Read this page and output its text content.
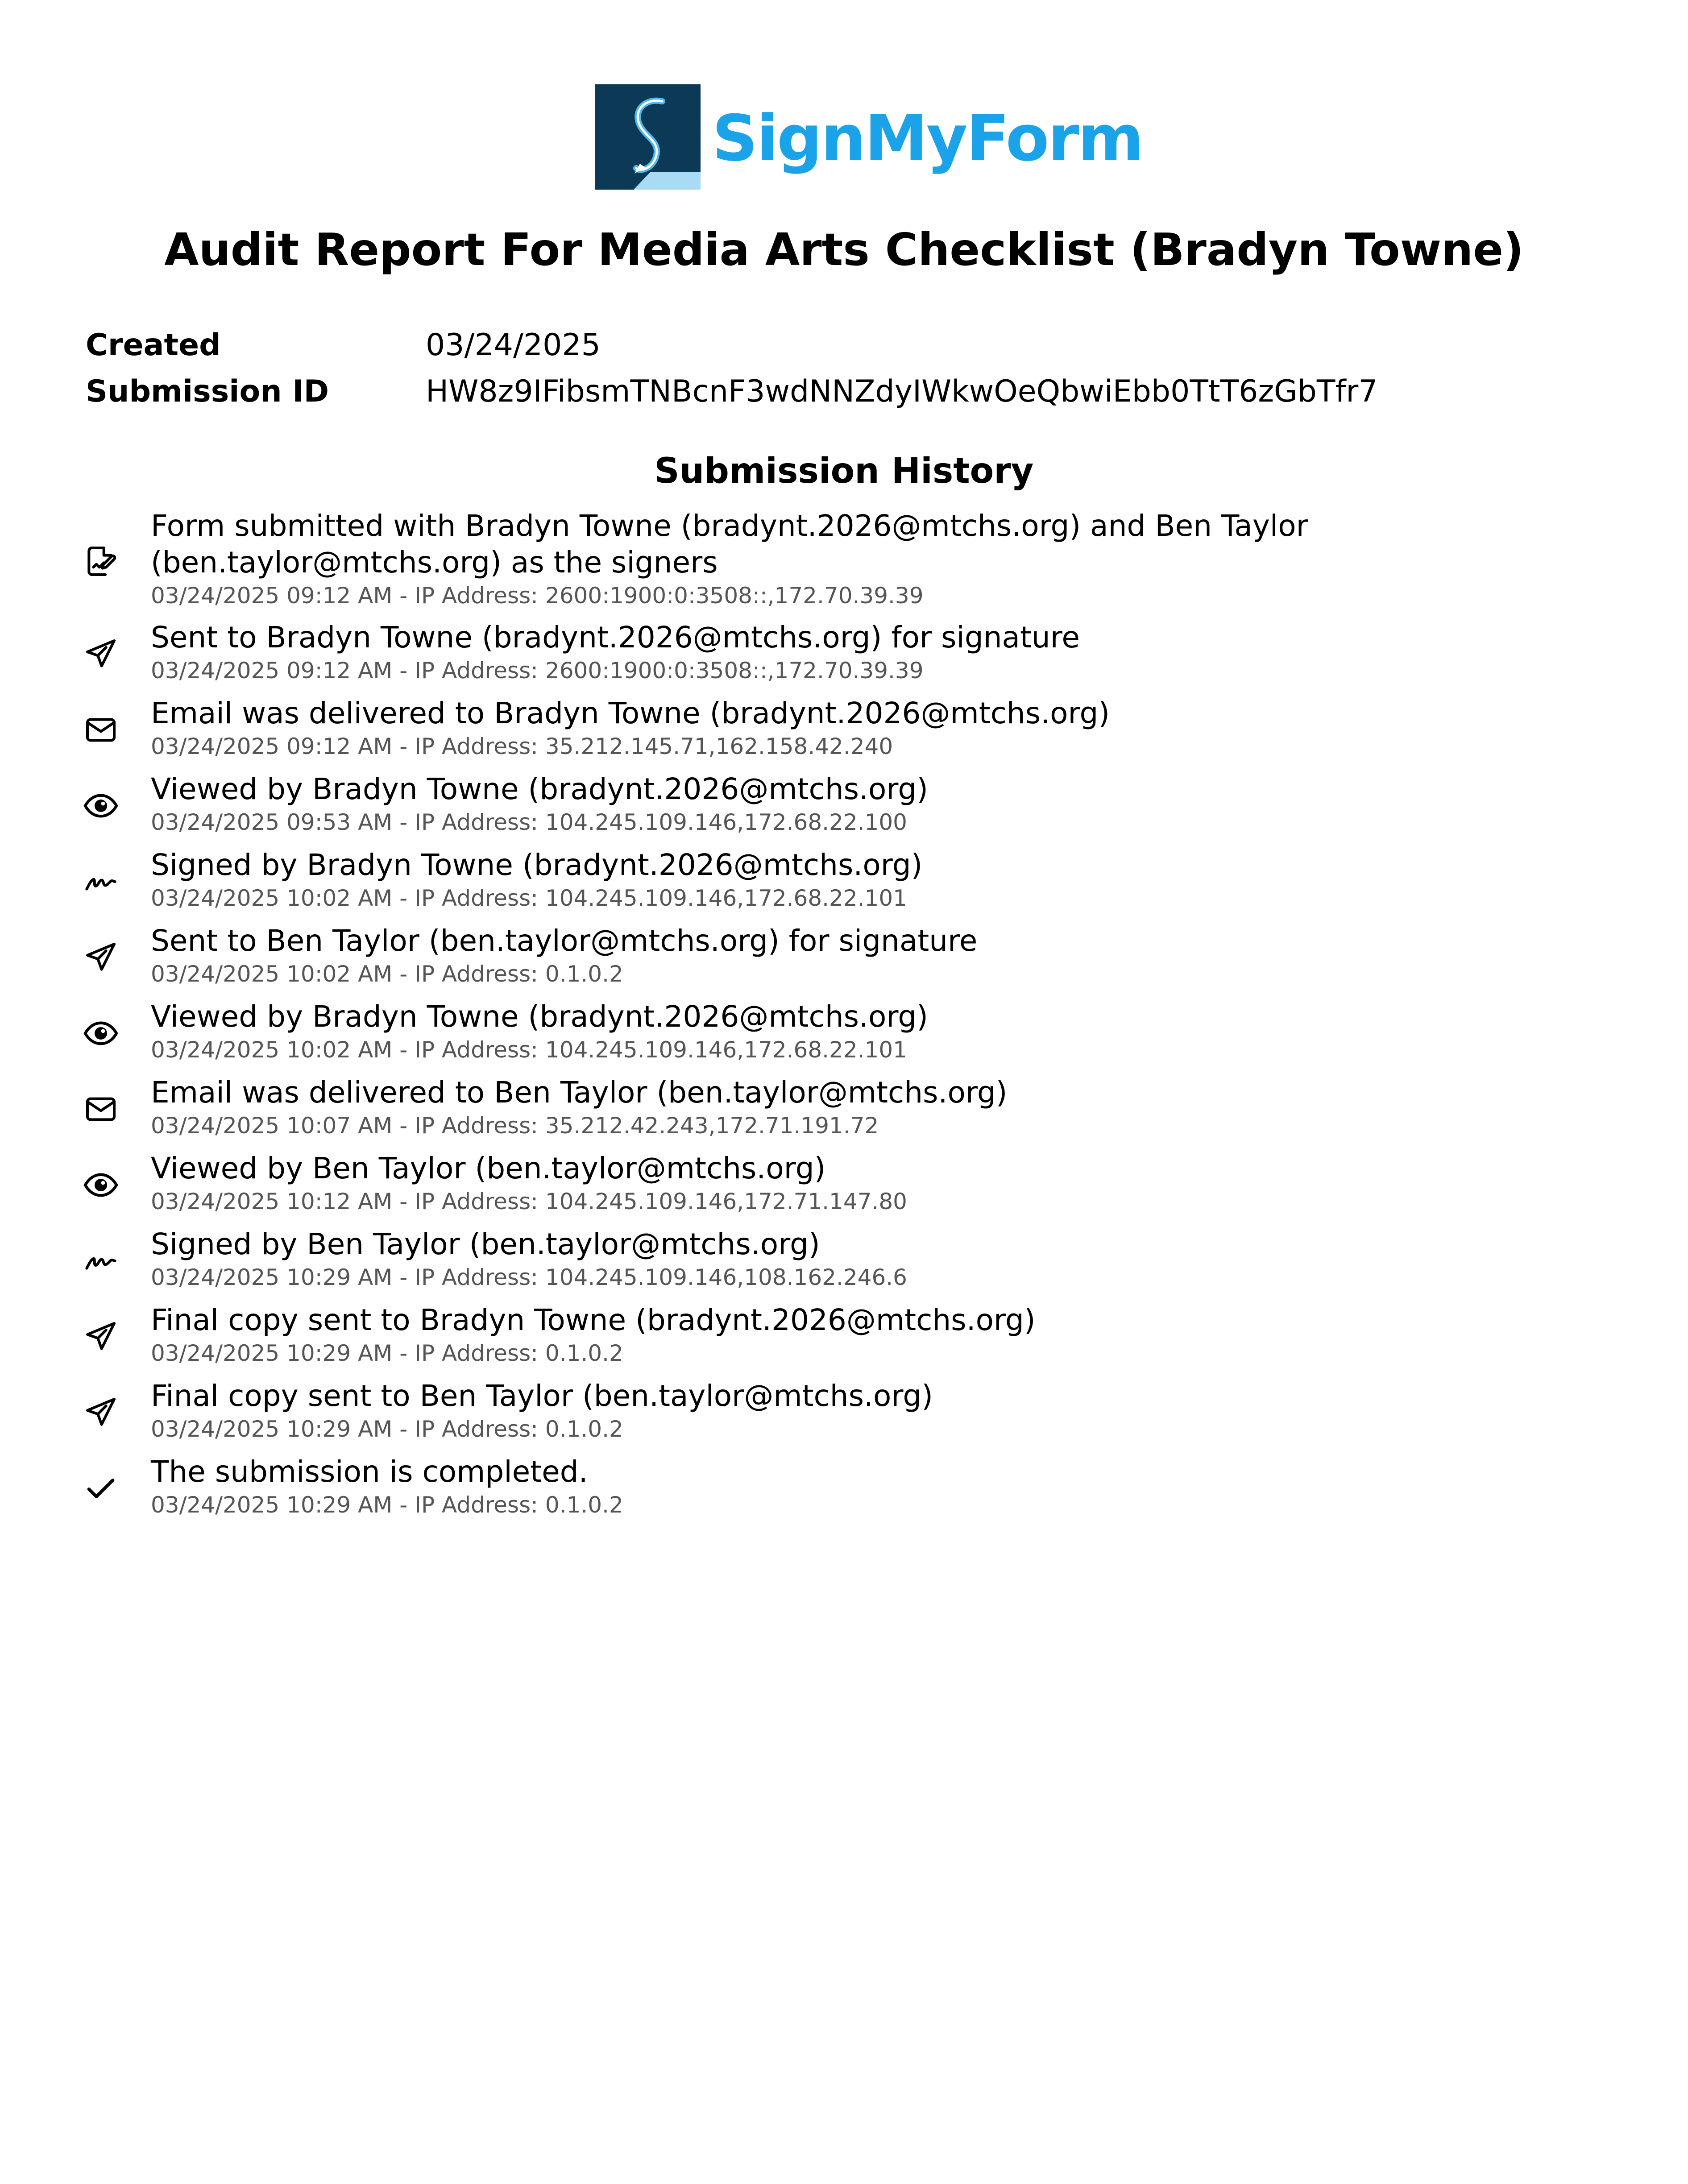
SignMyForm
Audit Report For Media Arts Checklist (Bradyn Towne)
Created	03/24/2025
Submission ID	HW8z9IFibsmTNBcnF3wdNNZdyIWkwOeQbwiEbb0TtT6zGbTfr7
Submission History
Form submitted with Bradyn Towne (bradynt.2026@mtchs.org) and Ben Taylor (ben.taylor@mtchs.org) as the signers
03/24/2025 09:12 AM - IP Address: 2600:1900:0:3508::,172.70.39.39
Sent to Bradyn Towne (bradynt.2026@mtchs.org) for signature
03/24/2025 09:12 AM - IP Address: 2600:1900:0:3508::,172.70.39.39
Email was delivered to Bradyn Towne (bradynt.2026@mtchs.org)
03/24/2025 09:12 AM - IP Address: 35.212.145.71,162.158.42.240
Viewed by Bradyn Towne (bradynt.2026@mtchs.org)
03/24/2025 09:53 AM - IP Address: 104.245.109.146,172.68.22.100
Signed by Bradyn Towne (bradynt.2026@mtchs.org)
03/24/2025 10:02 AM - IP Address: 104.245.109.146,172.68.22.101
Sent to Ben Taylor (ben.taylor@mtchs.org) for signature
03/24/2025 10:02 AM - IP Address: 0.1.0.2
Viewed by Bradyn Towne (bradynt.2026@mtchs.org)
03/24/2025 10:02 AM - IP Address: 104.245.109.146,172.68.22.101
Email was delivered to Ben Taylor (ben.taylor@mtchs.org)
03/24/2025 10:07 AM - IP Address: 35.212.42.243,172.71.191.72
Viewed by Ben Taylor (ben.taylor@mtchs.org)
03/24/2025 10:12 AM - IP Address: 104.245.109.146,172.71.147.80
Signed by Ben Taylor (ben.taylor@mtchs.org)
03/24/2025 10:29 AM - IP Address: 104.245.109.146,108.162.246.6
Final copy sent to Bradyn Towne (bradynt.2026@mtchs.org)
03/24/2025 10:29 AM - IP Address: 0.1.0.2
Final copy sent to Ben Taylor (ben.taylor@mtchs.org)
03/24/2025 10:29 AM - IP Address: 0.1.0.2
The submission is completed.
03/24/2025 10:29 AM - IP Address: 0.1.0.2
